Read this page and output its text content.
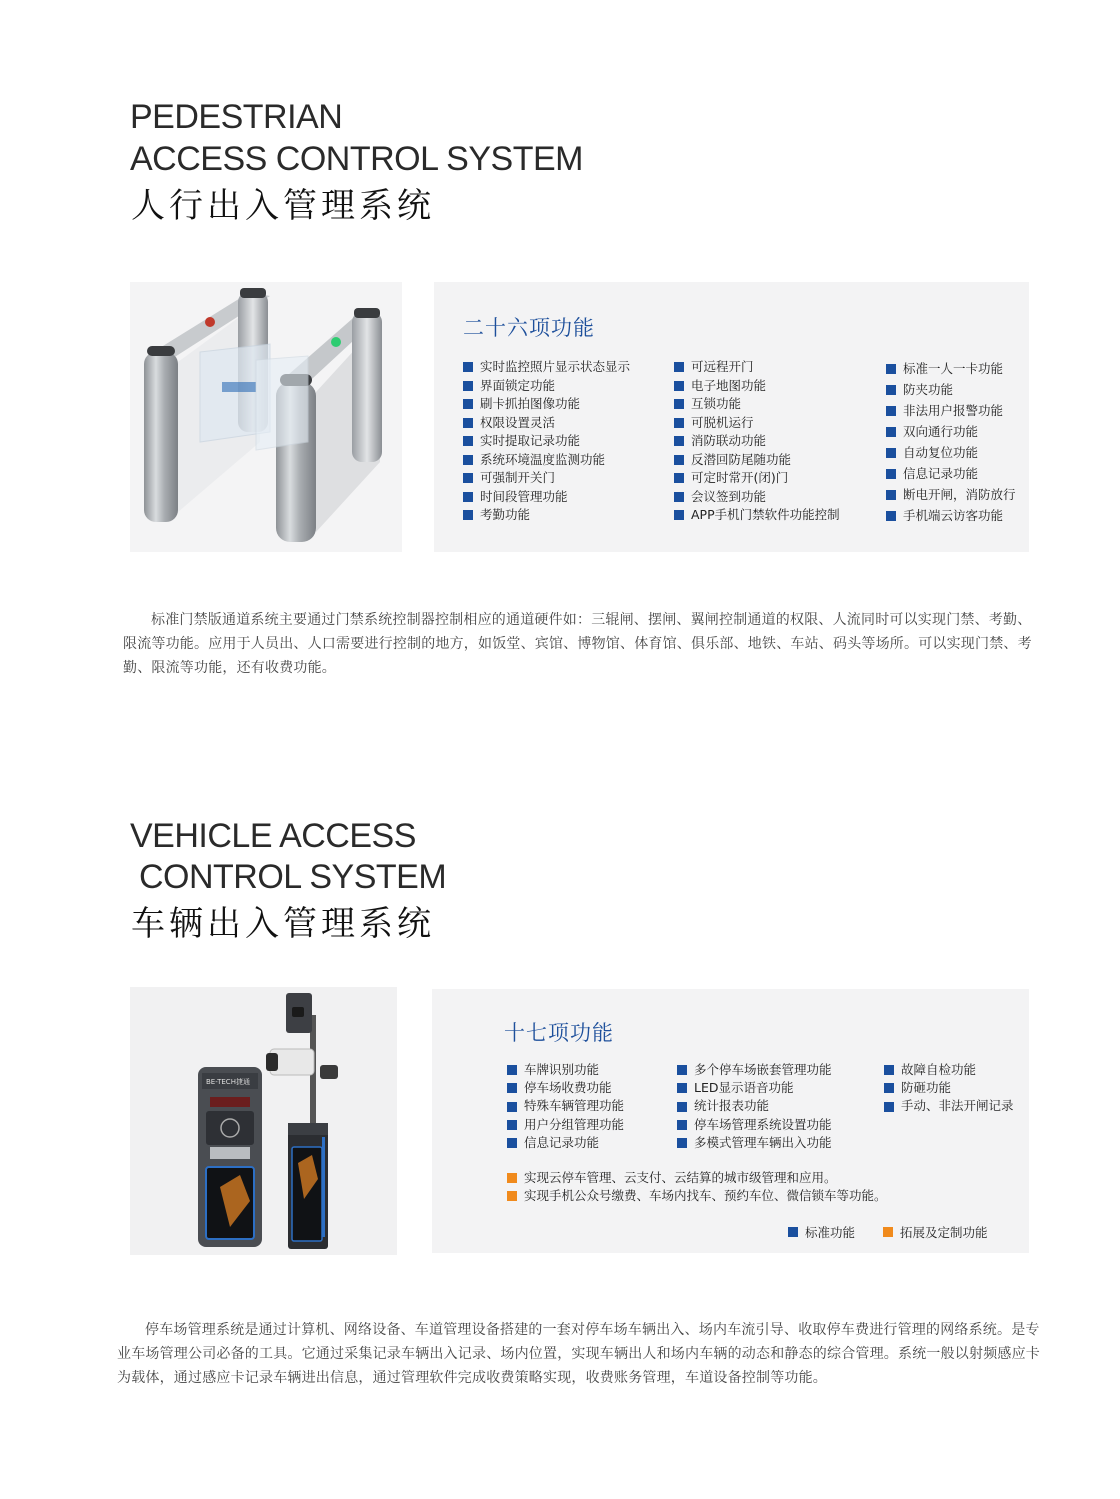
PEDESTRIAN
ACCESS CONTROL SYSTEM
人行出入管理系统
二十六项功能
实时监控照片显示状态显示
界面锁定功能
刷卡抓拍图像功能
权限设置灵活
实时提取记录功能
系统环境温度监测功能
可强制开关门
时间段管理功能
考勤功能
可远程开门
电子地图功能
互锁功能
可脱机运行
消防联动功能
反潜回防尾随功能
可定时常开(闭)门
会议签到功能
APP手机门禁软件功能控制
标准一人一卡功能
防夹功能
非法用户报警功能
双向通行功能
自动复位功能
信息记录功能
断电开闸，消防放行
手机端云访客功能

标准门禁版通道系统主要通过门禁系统控制器控制相应的通道硬件如：三辊闸、摆闸、翼闸控制通道的权限、人流同时可以实现门禁、考勤、限流等功能。应用于人员出、人口需要进行控制的地方，如饭堂、宾馆、博物馆、体育馆、俱乐部、地铁、车站、码头等场所。可以实现门禁、考勤、限流等功能，还有收费功能。

VEHICLE ACCESS
CONTROL SYSTEM
车辆出入管理系统
BE-TECH捷通
十七项功能
车牌识别功能
停车场收费功能
特殊车辆管理功能
用户分组管理功能
信息记录功能
多个停车场嵌套管理功能
LED显示语音功能
统计报表功能
停车场管理系统设置功能
多模式管理车辆出入功能
故障自检功能
防砸功能
手动、非法开闸记录
实现云停车管理、云支付、云结算的城市级管理和应用。
实现手机公众号缴费、车场内找车、预约车位、微信锁车等功能。
标准功能	拓展及定制功能

停车场管理系统是通过计算机、网络设备、车道管理设备搭建的一套对停车场车辆出入、场内车流引导、收取停车费进行管理的网络系统。是专业车场管理公司必备的工具。它通过采集记录车辆出入记录、场内位置，实现车辆出人和场内车辆的动态和静态的综合管理。系统一般以射频感应卡为载体，通过感应卡记录车辆进出信息，通过管理软件完成收费策略实现，收费账务管理，车道设备控制等功能。
